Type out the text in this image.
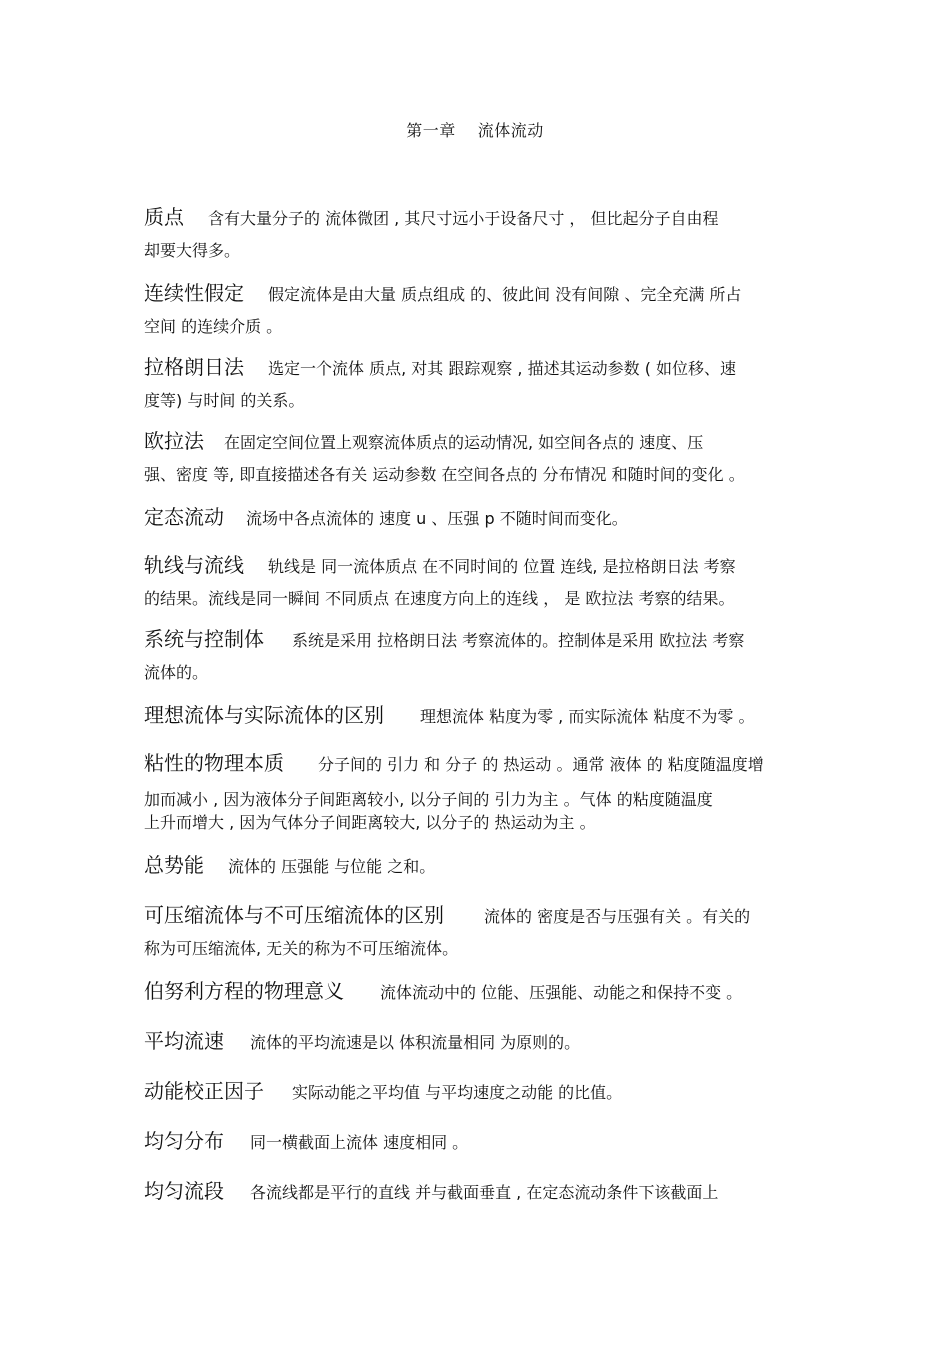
第一章 流体流动
质点 含有大量分子的 流体微团 , 其尺寸远小于设备尺寸 ， 但比起分子自由程
却要大得多。
连续性假定 假定流体是由大量 质点组成 的、彼此间 没有间隙 、完全充满 所占
空间 的连续介质 。
拉格朗日法 选定一个流体 质点, 对其 跟踪观察 , 描述其运动参数 ( 如位移、速
度等) 与时间 的关系。
欧拉法 在固定空间位置上观察流体质点的运动情况, 如空间各点的 速度、压
强、密度 等, 即直接描述各有关 运动参数 在空间各点的 分布情况 和随时间的变化 。
定态流动 流场中各点流体的 速度 u 、压强 p 不随时间而变化。
轨线与流线 轨线是 同一流体质点 在不同时间的 位置 连线, 是拉格朗日法 考察
的结果。流线是同一瞬间 不同质点 在速度方向上的连线 ， 是 欧拉法 考察的结果。
系统与控制体 系统是采用 拉格朗日法 考察流体的。控制体是采用 欧拉法 考察
流体的。
理想流体与实际流体的区别 理想流体 粘度为零 , 而实际流体 粘度不为零 。
粘性的物理本质 分子间的 引力 和 分子 的 热运动 。通常 液体 的 粘度随温度增
加而减小 , 因为液体分子间距离较小, 以分子间的 引力为主 。气体 的粘度随温度
上升而增大 , 因为气体分子间距离较大, 以分子的 热运动为主 。
总势能 流体的 压强能 与位能 之和。
可压缩流体与不可压缩流体的区别	流体的 密度是否与压强有关 。有关的
称为可压缩流体, 无关的称为不可压缩流体。
伯努利方程的物理意义 流体流动中的 位能、压强能、动能之和保持不变 。
平均流速 流体的平均流速是以 体积流量相同 为原则的。
动能校正因子 实际动能之平均值 与平均速度之动能 的比值。
均匀分布 同一横截面上流体 速度相同 。
均匀流段 各流线都是平行的直线 并与截面垂直 , 在定态流动条件下该截面上
